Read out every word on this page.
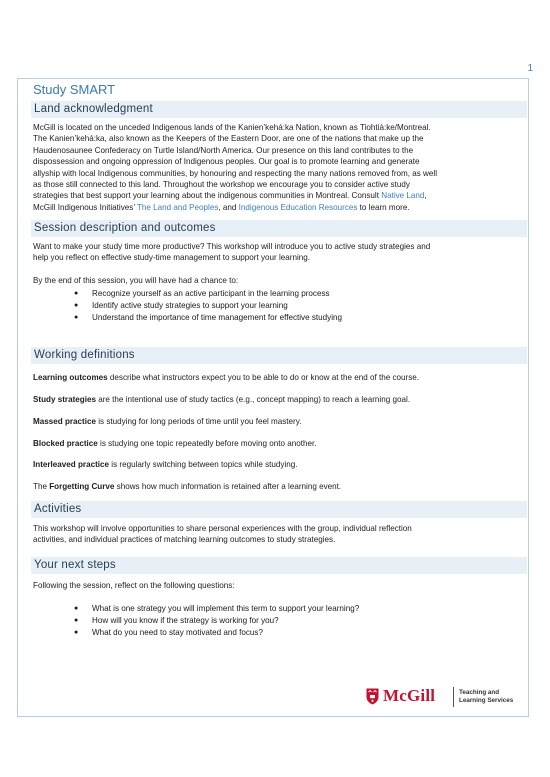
1
Study SMART
Land acknowledgment
McGill is located on the unceded Indigenous lands of the Kanien’kehá:ka Nation, known as Tiohtià:ke/Montreal.
The Kanien’kehá:ka, also known as the Keepers of the Eastern Door, are one of the nations that make up the
Haudenosaunee Confederacy on Turtle Island/North America. Our presence on this land contributes to the
dispossession and ongoing oppression of Indigenous peoples. Our goal is to promote learning and generate
allyship with local Indigenous communities, by honouring and respecting the many nations removed from, as well
as those still connected to this land. Throughout the workshop we encourage you to consider active study
strategies that best support your learning about the indigenous communities in Montreal. Consult Native Land,
McGill Indigenous Initiatives’ The Land and Peoples, and Indigenous Education Resources to learn more.
Session description and outcomes
Want to make your study time more productive? This workshop will introduce you to active study strategies and
help you reflect on effective study-time management to support your learning.
By the end of this session, you will have had a chance to:
● Recognize yourself as an active participant in the learning process
● Identify active study strategies to support your learning
● Understand the importance of time management for effective studying
Working definitions
Learning outcomes describe what instructors expect you to be able to do or know at the end of the course.
Study strategies are the intentional use of study tactics (e.g., concept mapping) to reach a learning goal.
Massed practice is studying for long periods of time until you feel mastery.
Blocked practice is studying one topic repeatedly before moving onto another.
Interleaved practice is regularly switching between topics while studying.
The Forgetting Curve shows how much information is retained after a learning event.
Activities
This workshop will involve opportunities to share personal experiences with the group, individual reflection
activities, and individual practices of matching learning outcomes to study strategies.
Your next steps
Following the session, reflect on the following questions:
● What is one strategy you will implement this term to support your learning?
● How will you know if the strategy is working for you?
● What do you need to stay motivated and focus?
McGill	Teaching and
Learning Services
